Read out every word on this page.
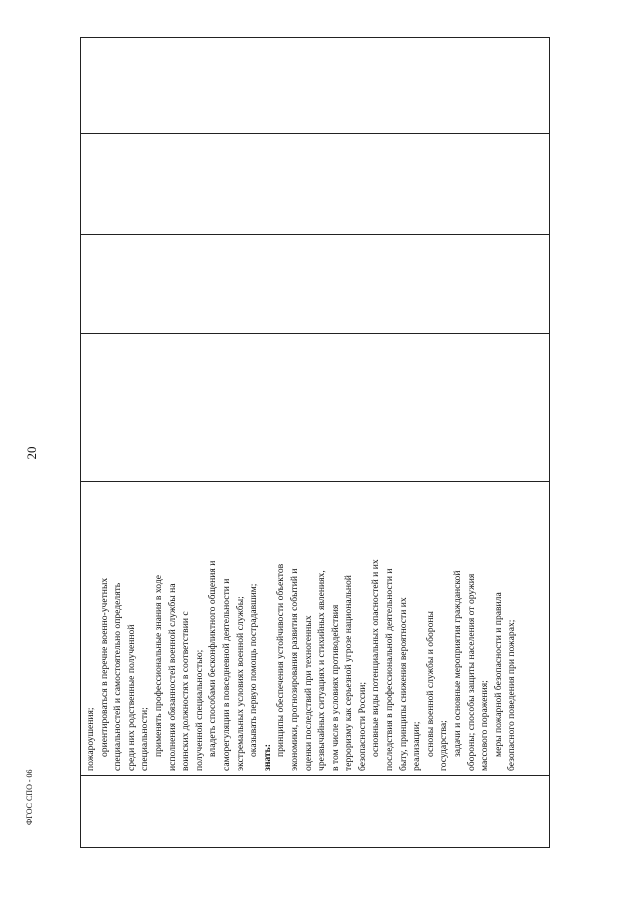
20

пожароушения; ориентироваться в перечне военно-учетных специальностей и самостоятельно определять среди них родственные полученной специальности; применять профессиональные знания в ходе исполнения обязанностей военной службы на воинских должностях в соответствии с полученной специальностью; владеть способами бесконфликтного общения и саморегуляции в повседневной деятельности и экстремальных условиях военной службы; оказывать первую помощь пострадавшим;
знать:
принципы обеспечения устойчивости объектов экономики, прогнозирования развития событий и оценки последствий при техногенных чрезвычайных ситуациях и стихийных явлениях, в том числе в условиях противодействия терроризму как серьезной угрозе национальной безопасности России; основные виды потенциальных опасностей и их последствия в профессиональной деятельности и быту, принципы снижения вероятности их реализации; основы военной службы и обороны государства; задачи и основные мероприятия гражданской обороны; способы защиты населения от оружия массового поражения; меры пожарной безопасности и правила безопасного поведения при пожарах;

ФГОС СПО - 06
